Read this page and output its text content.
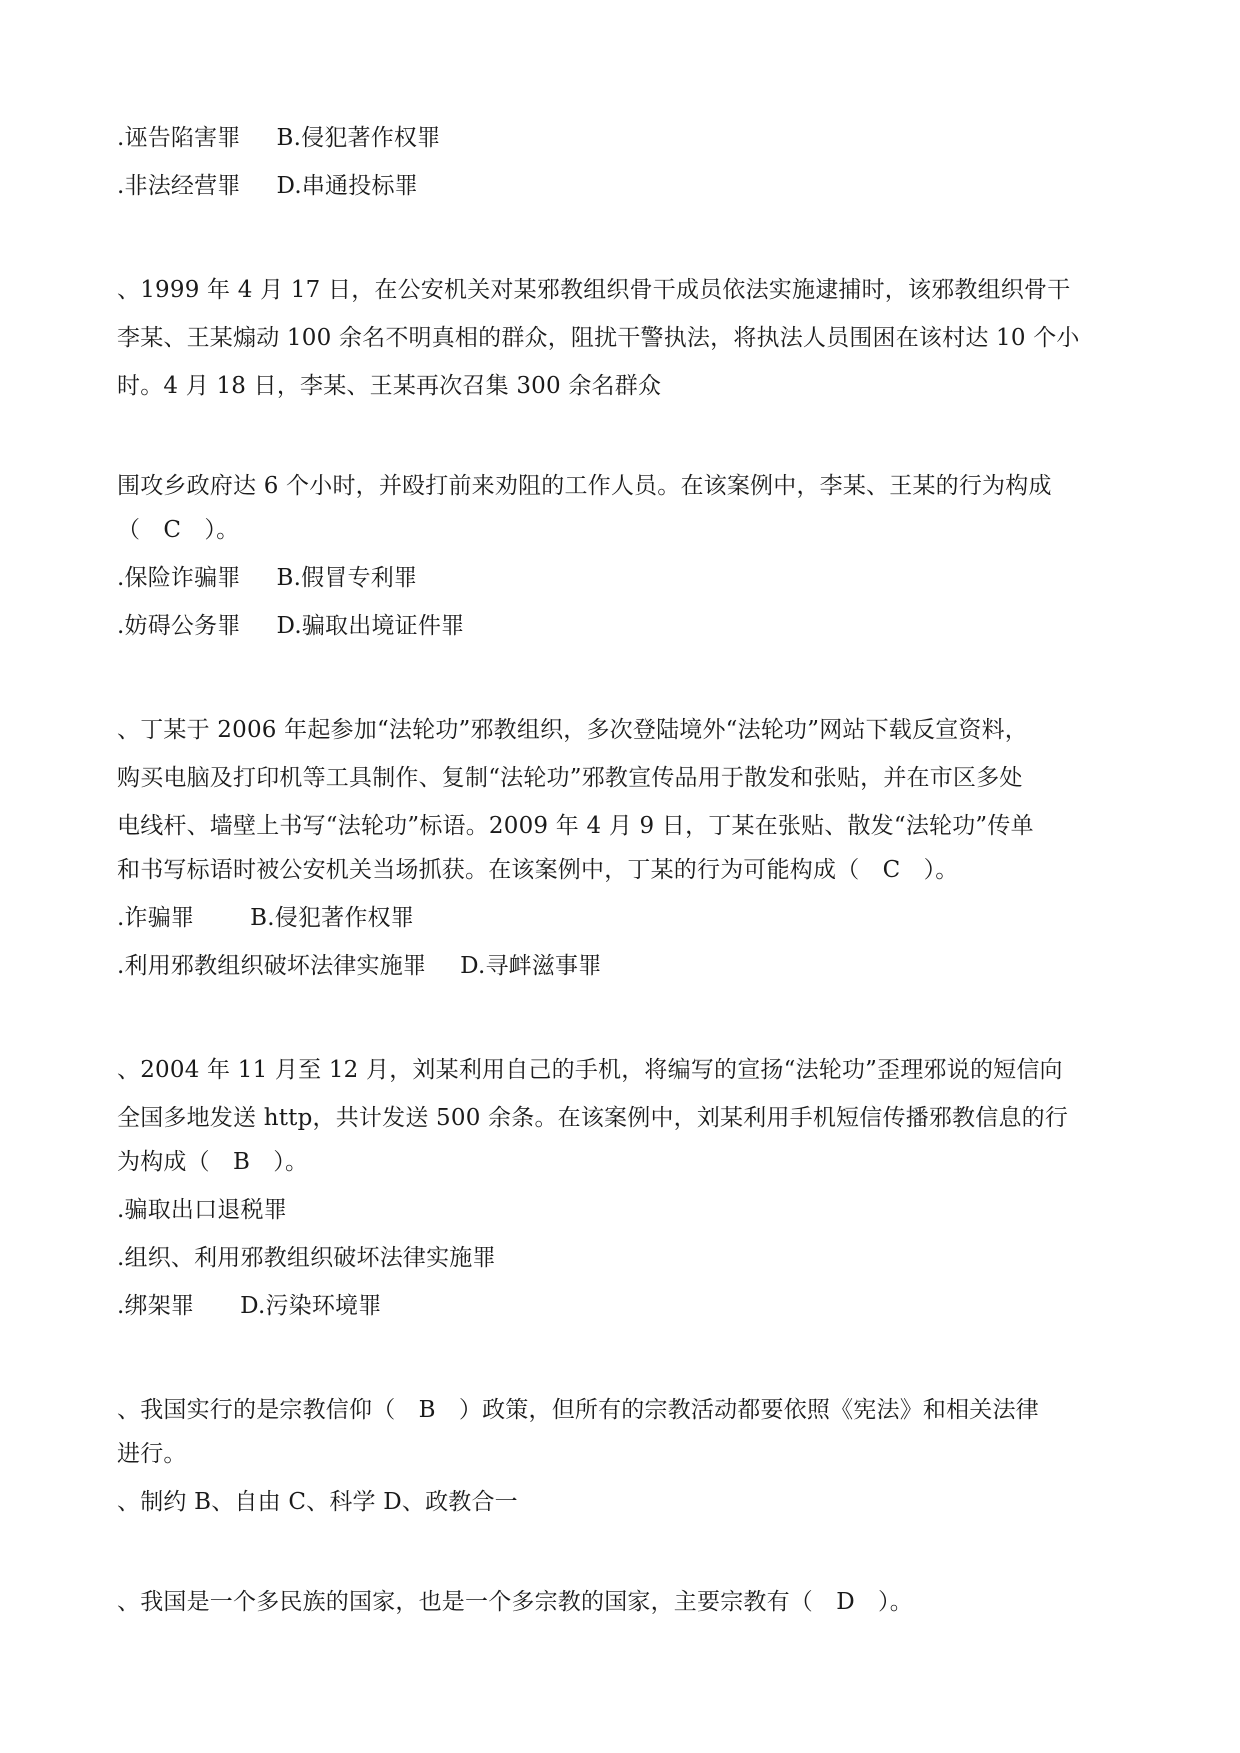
.诬告陷害罪 B.侵犯著作权罪
.非法经营罪 D.串通投标罪
、1999 年 4 月 17 日，在公安机关对某邪教组织骨干成员依法实施逮捕时，该邪教组织骨干
李某、王某煽动 100 余名不明真相的群众，阻扰干警执法，将执法人员围困在该村达 10 个小
时。4 月 18 日，李某、王某再次召集 300 余名群众
围攻乡政府达 6 个小时，并殴打前来劝阻的工作人员。在该案例中，李某、王某的行为构成
（　C　）。
.保险诈骗罪 B.假冒专利罪
.妨碍公务罪 D.骗取出境证件罪
、丁某于 2006 年起参加“法轮功”邪教组织，多次登陆境外“法轮功”网站下载反宣资料，
购买电脑及打印机等工具制作、复制“法轮功”邪教宣传品用于散发和张贴，并在市区多处
电线杆、墙壁上书写“法轮功”标语。2009 年 4 月 9 日，丁某在张贴、散发“法轮功”传单
和书写标语时被公安机关当场抓获。在该案例中，丁某的行为可能构成（　C　）。
.诈骗罪 B.侵犯著作权罪
.利用邪教组织破坏法律实施罪 D.寻衅滋事罪
、2004 年 11 月至 12 月，刘某利用自己的手机，将编写的宣扬“法轮功”歪理邪说的短信向
全国多地发送 http，共计发送 500 余条。在该案例中，刘某利用手机短信传播邪教信息的行
为构成（　B　）。
.骗取出口退税罪
.组织、利用邪教组织破坏法律实施罪
.绑架罪 D.污染环境罪
、我国实行的是宗教信仰（　B　）政策，但所有的宗教活动都要依照《宪法》和相关法律
进行。
、制约 B、自由 C、科学 D、政教合一
、我国是一个多民族的国家，也是一个多宗教的国家，主要宗教有（　D　）。
